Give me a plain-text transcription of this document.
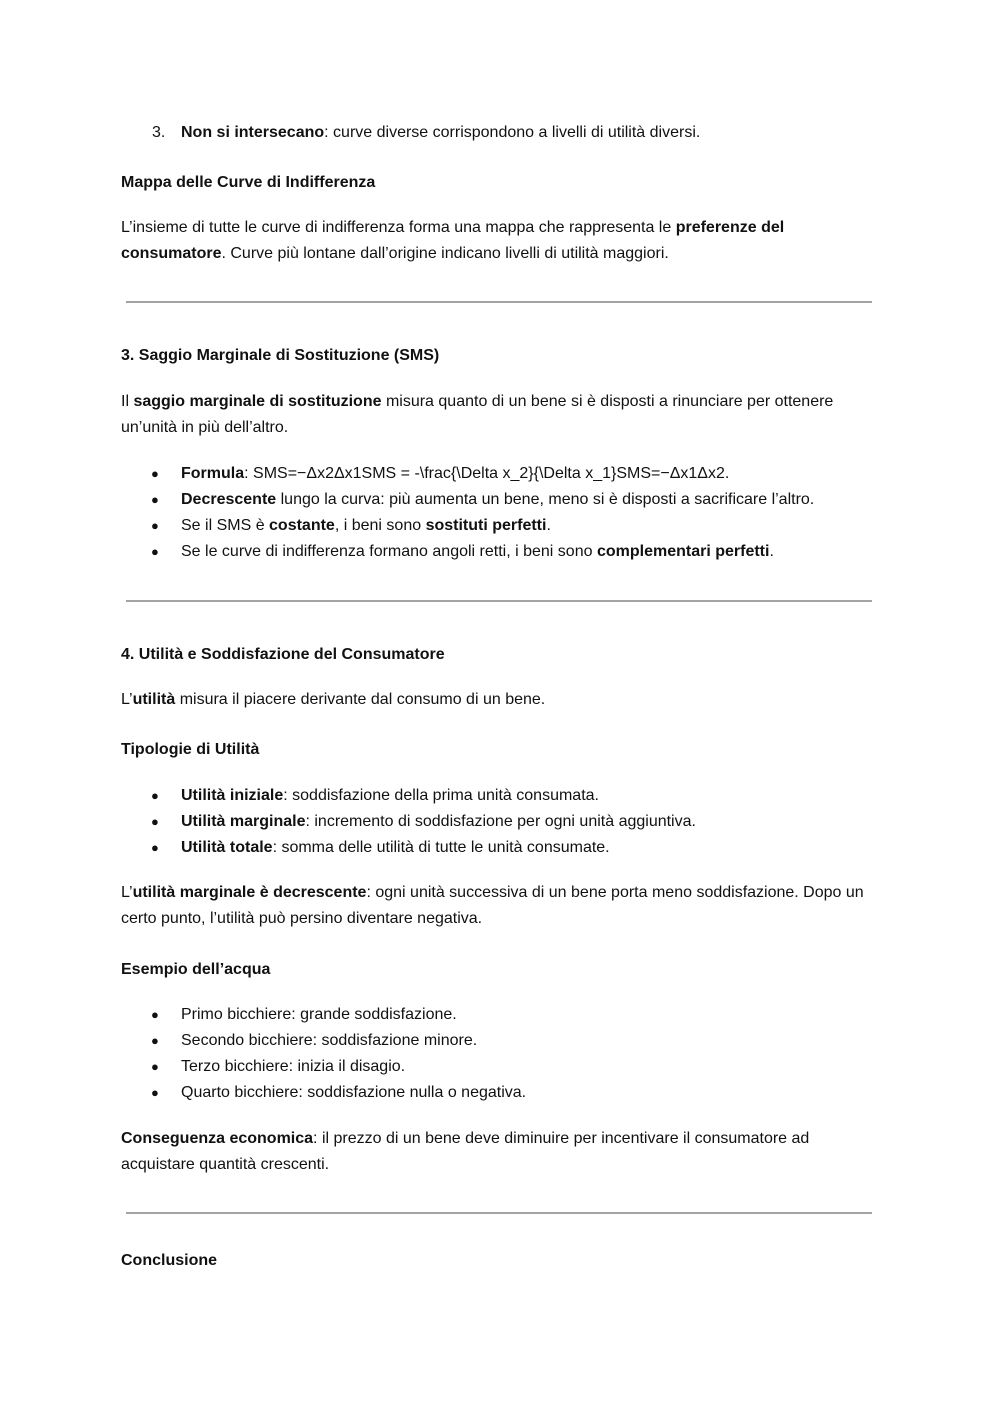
3. Non si intersecano: curve diverse corrispondono a livelli di utilità diversi.
Mappa delle Curve di Indifferenza
L’insieme di tutte le curve di indifferenza forma una mappa che rappresenta le preferenze del consumatore. Curve più lontane dall’origine indicano livelli di utilità maggiori.
3. Saggio Marginale di Sostituzione (SMS)
Il saggio marginale di sostituzione misura quanto di un bene si è disposti a rinunciare per ottenere un’unità in più dell’altro.
● Formula: SMS=−Δx2Δx1SMS = -\frac{\Delta x_2}{\Delta x_1}SMS=−Δx1Δx2.
● Decrescente lungo la curva: più aumenta un bene, meno si è disposti a sacrificare l’altro.
● Se il SMS è costante, i beni sono sostituti perfetti.
● Se le curve di indifferenza formano angoli retti, i beni sono complementari perfetti.
4. Utilità e Soddisfazione del Consumatore
L’utilità misura il piacere derivante dal consumo di un bene.
Tipologie di Utilità
● Utilità iniziale: soddisfazione della prima unità consumata.
● Utilità marginale: incremento di soddisfazione per ogni unità aggiuntiva.
● Utilità totale: somma delle utilità di tutte le unità consumate.
L’utilità marginale è decrescente: ogni unità successiva di un bene porta meno soddisfazione. Dopo un certo punto, l’utilità può persino diventare negativa.
Esempio dell’acqua
● Primo bicchiere: grande soddisfazione.
● Secondo bicchiere: soddisfazione minore.
● Terzo bicchiere: inizia il disagio.
● Quarto bicchiere: soddisfazione nulla o negativa.
Conseguenza economica: il prezzo di un bene deve diminuire per incentivare il consumatore ad acquistare quantità crescenti.
Conclusione
